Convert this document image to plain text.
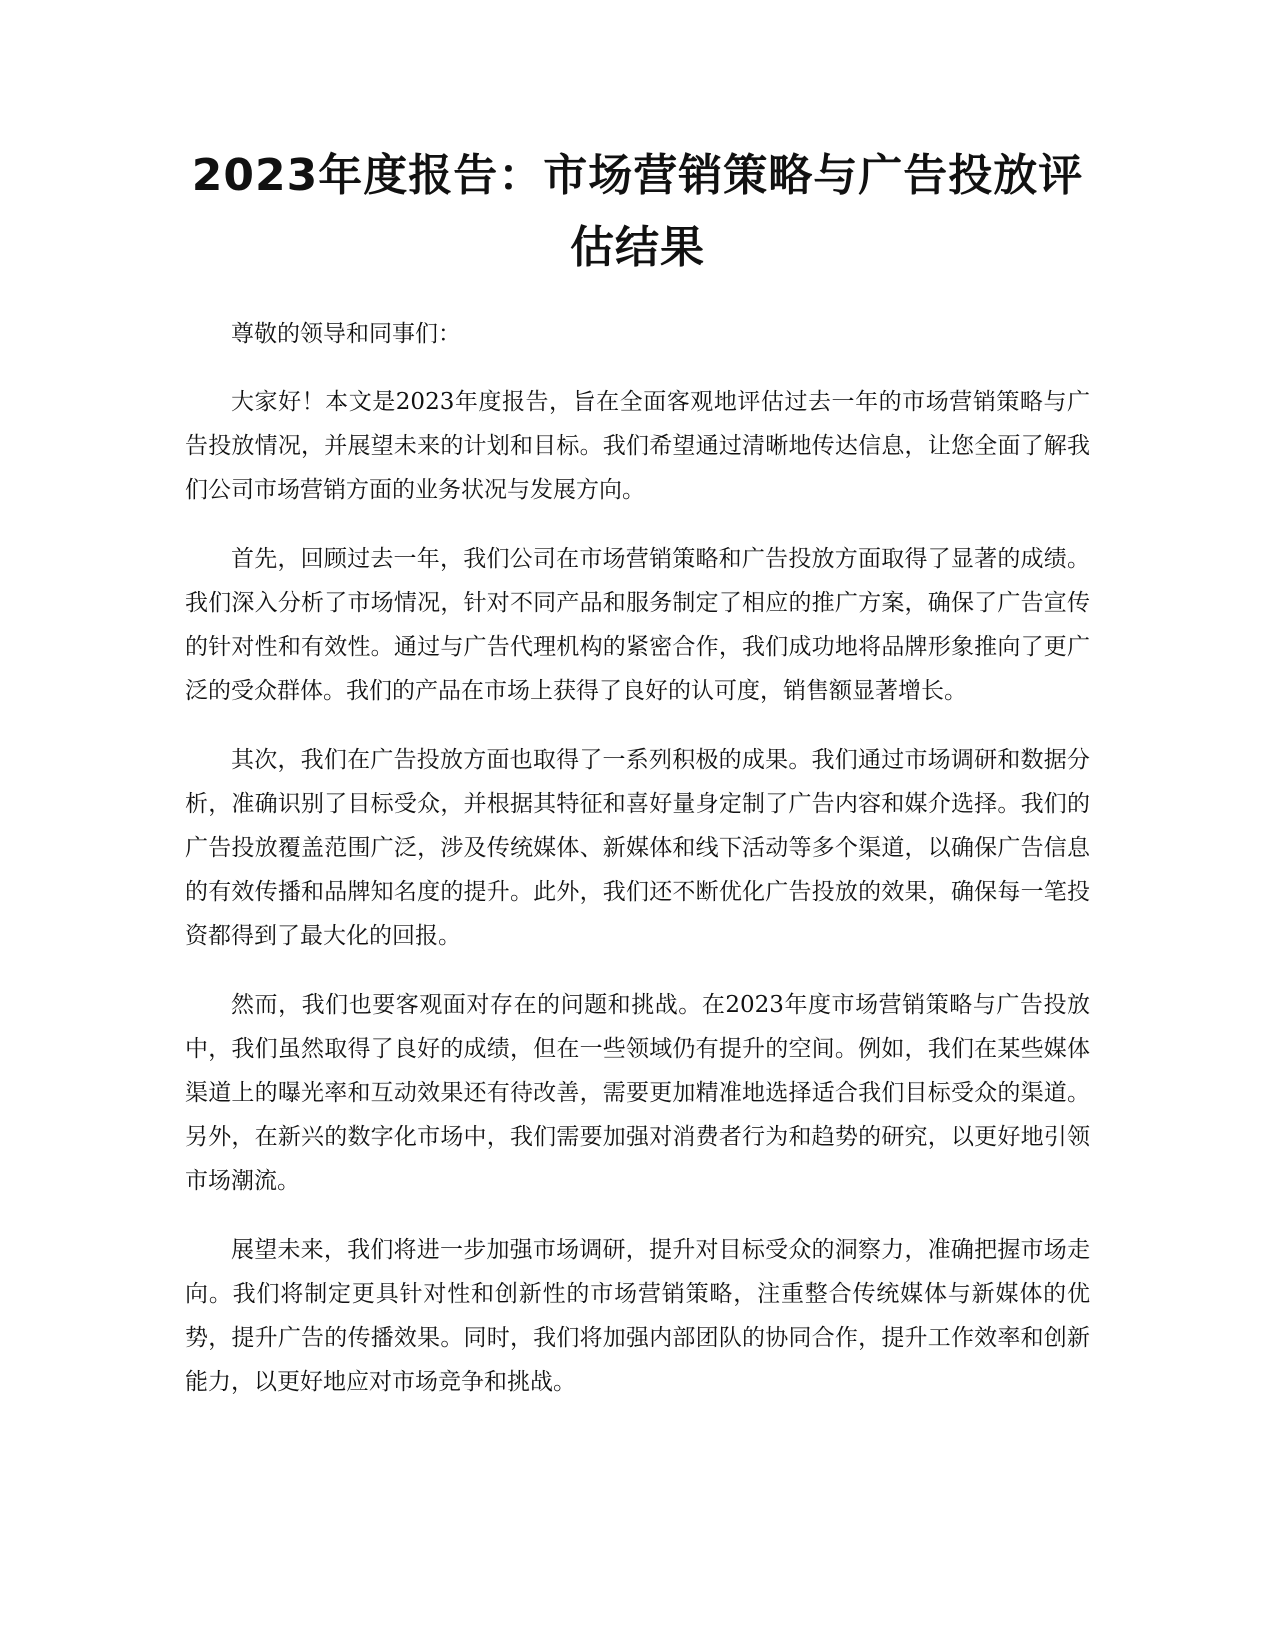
2023年度报告：市场营销策略与广告投放评估结果

尊敬的领导和同事们：

大家好！本文是2023年度报告，旨在全面客观地评估过去一年的市场营销策略与广告投放情况，并展望未来的计划和目标。我们希望通过清晰地传达信息，让您全面了解我们公司市场营销方面的业务状况与发展方向。

首先，回顾过去一年，我们公司在市场营销策略和广告投放方面取得了显著的成绩。我们深入分析了市场情况，针对不同产品和服务制定了相应的推广方案，确保了广告宣传的针对性和有效性。通过与广告代理机构的紧密合作，我们成功地将品牌形象推向了更广泛的受众群体。我们的产品在市场上获得了良好的认可度，销售额显著增长。

其次，我们在广告投放方面也取得了一系列积极的成果。我们通过市场调研和数据分析，准确识别了目标受众，并根据其特征和喜好量身定制了广告内容和媒介选择。我们的广告投放覆盖范围广泛，涉及传统媒体、新媒体和线下活动等多个渠道，以确保广告信息的有效传播和品牌知名度的提升。此外，我们还不断优化广告投放的效果，确保每一笔投资都得到了最大化的回报。

然而，我们也要客观面对存在的问题和挑战。在2023年度市场营销策略与广告投放中，我们虽然取得了良好的成绩，但在一些领域仍有提升的空间。例如，我们在某些媒体渠道上的曝光率和互动效果还有待改善，需要更加精准地选择适合我们目标受众的渠道。另外，在新兴的数字化市场中，我们需要加强对消费者行为和趋势的研究，以更好地引领市场潮流。

展望未来，我们将进一步加强市场调研，提升对目标受众的洞察力，准确把握市场走向。我们将制定更具针对性和创新性的市场营销策略，注重整合传统媒体与新媒体的优势，提升广告的传播效果。同时，我们将加强内部团队的协同合作，提升工作效率和创新能力，以更好地应对市场竞争和挑战。
